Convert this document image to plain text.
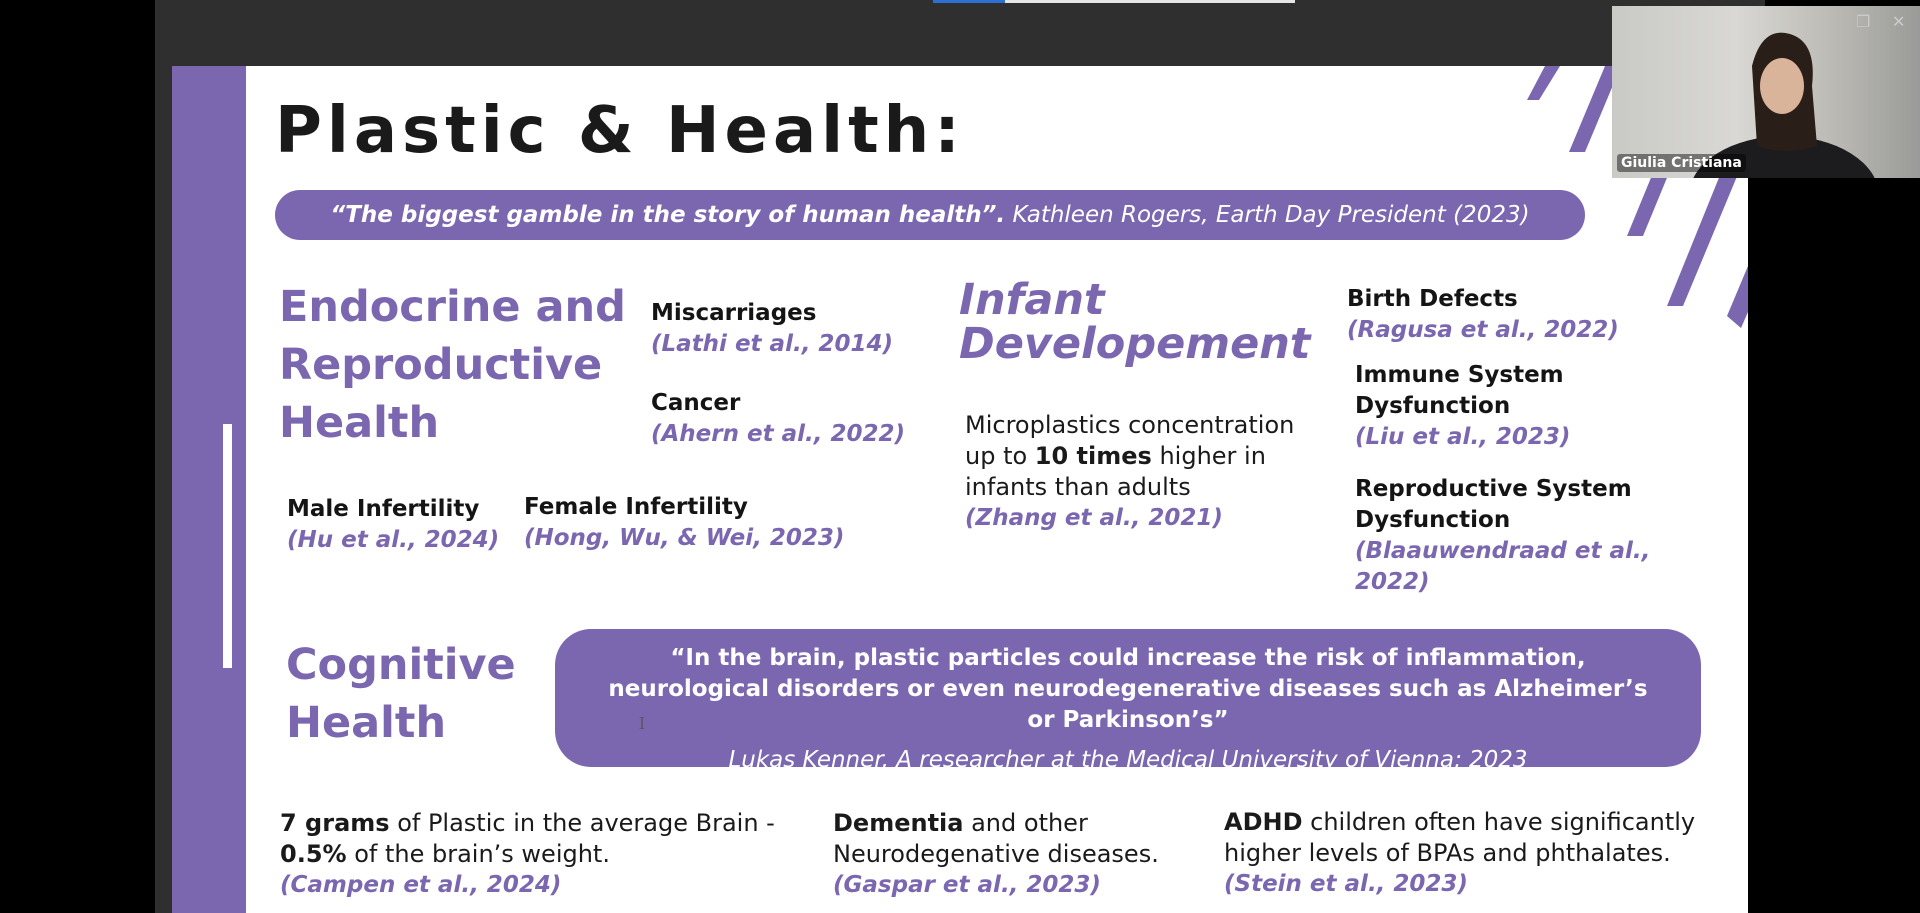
Plastic & Health:
“The biggest gamble in the story of human health”. Kathleen Rogers, Earth Day President (2023)
Endocrine and
Reproductive
Health
Miscarriages
(Lathi et al., 2014)
Cancer
(Ahern et al., 2022)
Male Infertility
(Hu et al., 2024)
Female Infertility
(Hong, Wu, & Wei, 2023)
Infant
Developement
Microplastics concentration up to 10 times higher in infants than adults
(Zhang et al., 2021)
Birth Defects
(Ragusa et al., 2022)
Immune System Dysfunction
(Liu et al., 2023)
Reproductive System Dysfunction
(Blaauwendraad et al., 2022)
Cognitive
Health
“In the brain, plastic particles could increase the risk of inflammation, neurological disorders or even neurodegenerative diseases such as Alzheimer’s or Parkinson’s”
Lukas Kenner, A researcher at the Medical University of Vienna; 2023
Ｉ
7 grams of Plastic in the average Brain - 0.5% of the brain’s weight.
(Campen et al., 2024)
Dementia and other Neurodegenative diseases.
(Gaspar et al., 2023)
ADHD children often have significantly higher levels of BPAs and phthalates.
(Stein et al., 2023)
❐ ✕
Giulia Cristiana
